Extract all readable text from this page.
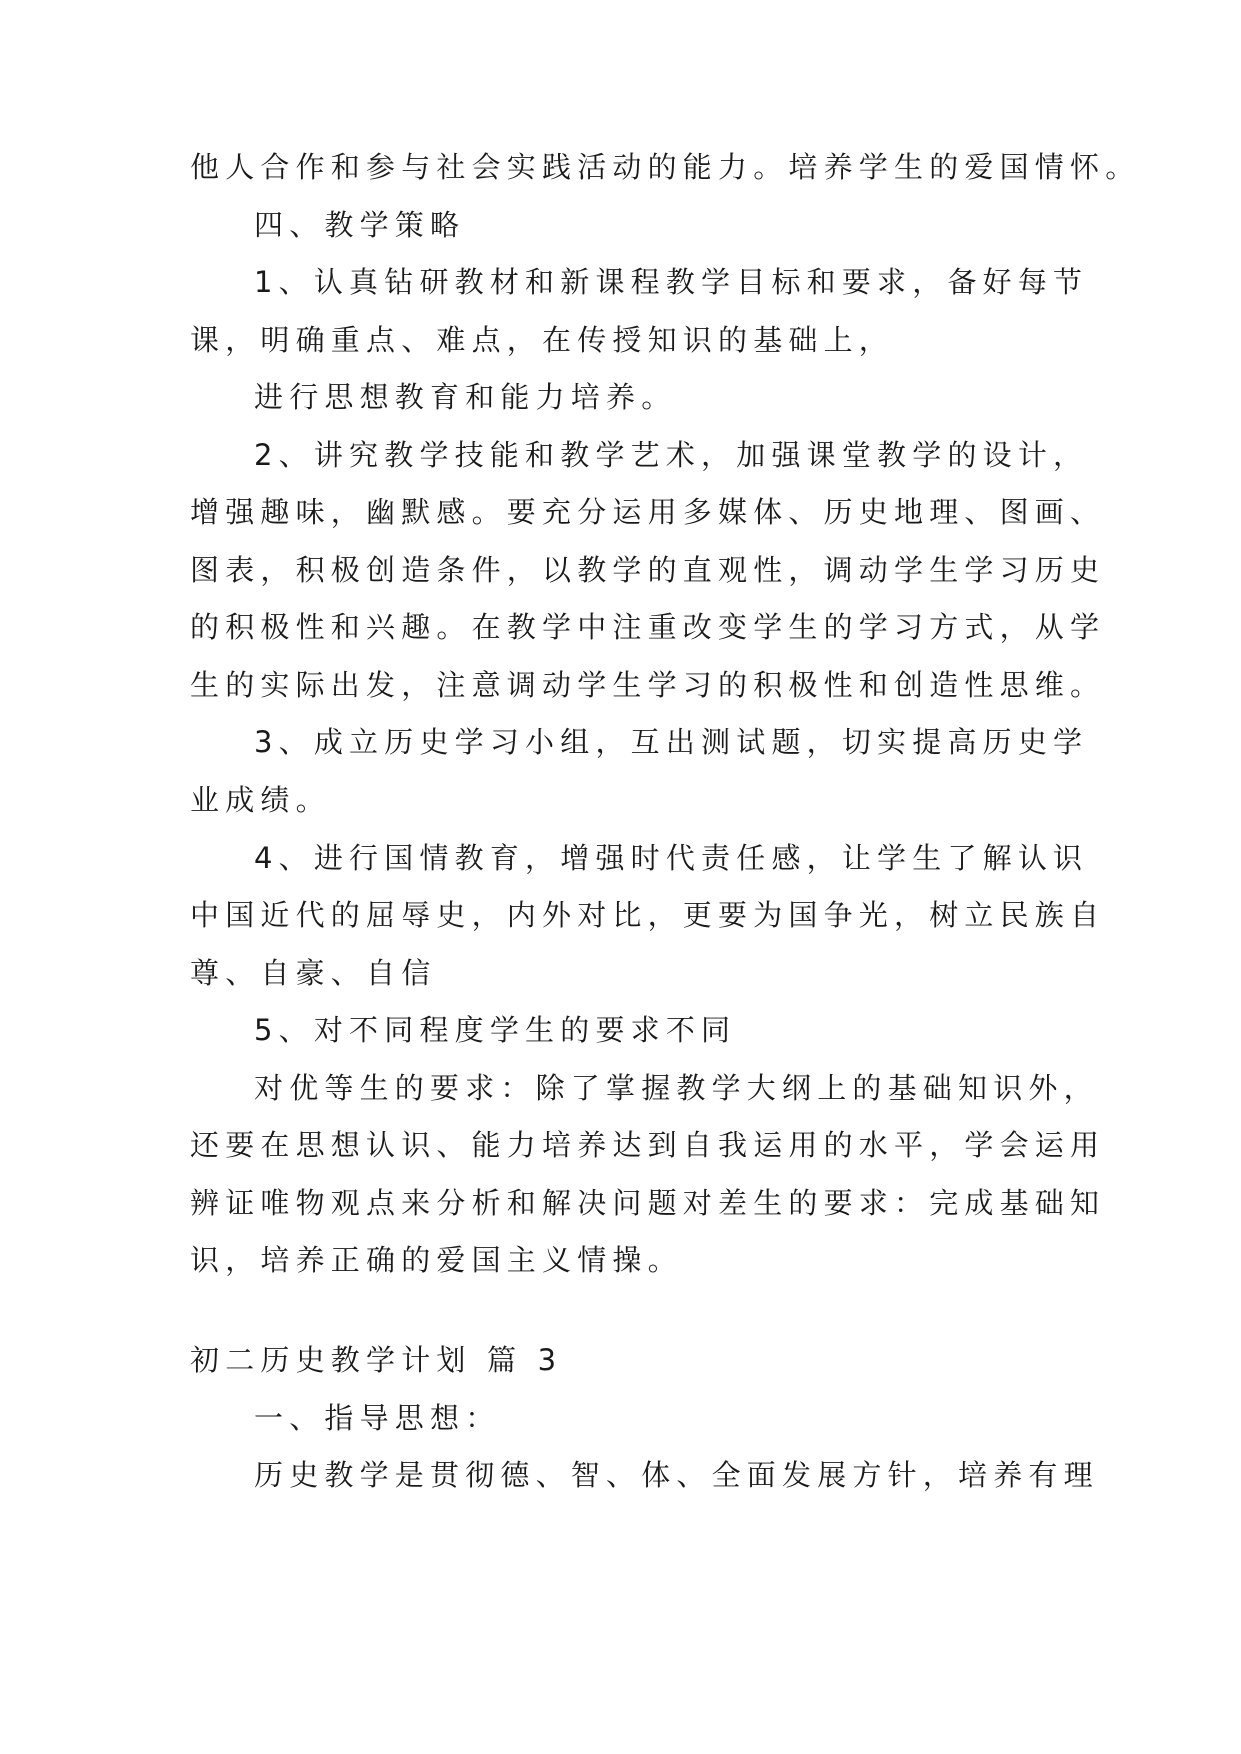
他人合作和参与社会实践活动的能力。培养学生的爱国情怀。
四、教学策略
1、认真钻研教材和新课程教学目标和要求，备好每节
课，明确重点、难点，在传授知识的基础上，
进行思想教育和能力培养。
2、讲究教学技能和教学艺术，加强课堂教学的设计，
增强趣味，幽默感。要充分运用多媒体、历史地理、图画、
图表，积极创造条件，以教学的直观性，调动学生学习历史
的积极性和兴趣。在教学中注重改变学生的学习方式，从学
生的实际出发，注意调动学生学习的积极性和创造性思维。
3、成立历史学习小组，互出测试题，切实提高历史学
业成绩。
4、进行国情教育，增强时代责任感，让学生了解认识
中国近代的屈辱史，内外对比，更要为国争光，树立民族自
尊、自豪、自信
5、对不同程度学生的要求不同
对优等生的要求：除了掌握教学大纲上的基础知识外，
还要在思想认识、能力培养达到自我运用的水平，学会运用
辨证唯物观点来分析和解决问题对差生的要求：完成基础知
识，培养正确的爱国主义情操。
初二历史教学计划 篇 3
一、指导思想：
历史教学是贯彻德、智、体、全面发展方针，培养有理
